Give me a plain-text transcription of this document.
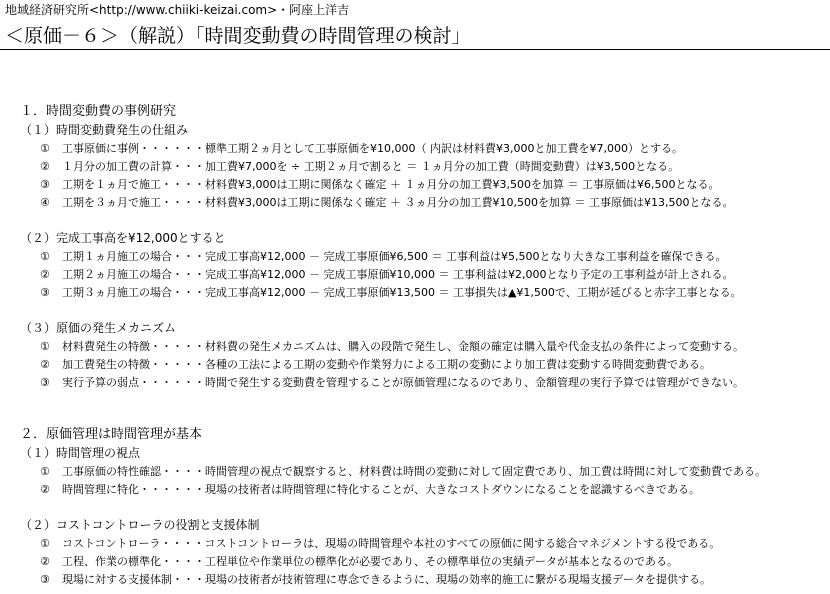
地域経済研究所<http://www.chiiki-keizai.com>・阿座上洋吉
＜原価－６＞（解説）「時間変動費の時間管理の検討」
１．時間変動費の事例研究
（１）時間変動費発生の仕組み
① 工事原価に事例・・・・・・標準工期２ヵ月として工事原価を¥10,000（ 内訳は材料費¥3,000と加工費を¥7,000）とする。
② １月分の加工費の計算・・・加工費¥7,000を ÷ 工期２ヵ月で割ると ＝ １ヵ月分の加工費（時間変動費）は¥3,500となる。
③ 工期を１ヵ月で施工・・・・材料費¥3,000は工期に関係なく確定 ＋ １ヵ月分の加工費¥3,500を加算 ＝ 工事原価は¥6,500となる。
④ 工期を３ヵ月で施工・・・・材料費¥3,000は工期に関係なく確定 ＋ ３ヵ月分の加工費¥10,500を加算 ＝ 工事原価は¥13,500となる。
（２）完成工事高を¥12,000とすると
① 工期１ヵ月施工の場合・・・完成工事高¥12,000 － 完成工事原価¥6,500 ＝ 工事利益は¥5,500となり大きな工事利益を確保できる。
② 工期２ヵ月施工の場合・・・完成工事高¥12,000 － 完成工事原価¥10,000 ＝ 工事利益は¥2,000となり予定の工事利益が計上される。
③ 工期３ヵ月施工の場合・・・完成工事高¥12,000 － 完成工事原価¥13,500 ＝ 工事損失は▲¥1,500で、工期が延びると赤字工事となる。
（３）原価の発生メカニズム
① 材料費発生の特徴・・・・・材料費の発生メカニズムは、購入の段階で発生し、金額の確定は購入量や代金支払の条件によって変動する。
② 加工費発生の特徴・・・・・各種の工法による工期の変動や作業努力による工期の変動により加工費は変動する時間変動費である。
③ 実行予算の弱点・・・・・・時間で発生する変動費を管理することが原価管理になるのであり、金額管理の実行予算では管理ができない。
２．原価管理は時間管理が基本
（１）時間管理の視点
① 工事原価の特性確認・・・・時間管理の視点で観察すると、材料費は時間の変動に対して固定費であり、加工費は時間に対して変動費である。
② 時間管理に特化・・・・・・現場の技術者は時間管理に特化することが、大きなコストダウンになることを認識するべきである。
（２）コストコントローラの役割と支援体制
① コストコントローラ・・・・コストコントローラは、現場の時間管理や本社のすべての原価に関する総合マネジメントする役である。
② 工程、作業の標準化・・・・工程単位や作業単位の標準化が必要であり、その標準単位の実績データが基本となるのである。
③ 現場に対する支援体制・・・現場の技術者が技術管理に専念できるように、現場の効率的施工に繋がる現場支援データを提供する。
